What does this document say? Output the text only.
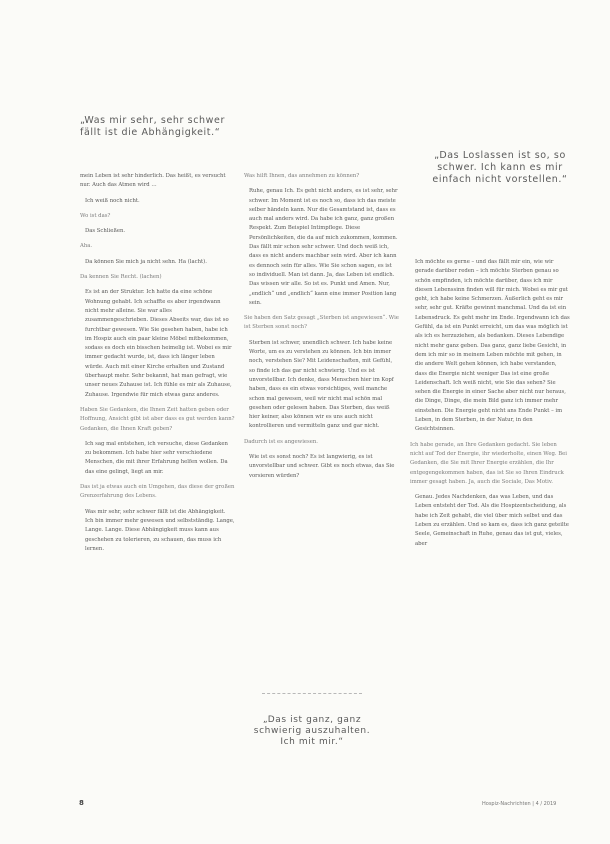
„Was mir sehr, sehr schwer fällt ist die Abhängigkeit.“
„Das Loslassen ist so, so schwer. Ich kann es mir einfach nicht vorstellen.“

mein Leben ist sehr hinderlich. Das heißt, es versucht nur. Auch das Atmen wird …

Ich weiß noch nicht.

Wo ist das?

Das Schließen.

Aha.

Da können Sie mich ja nicht sehn. Ha (lacht).

Da kennen Sie Recht. (lachen)

Es ist an der Struktur. Ich hatte da eine schöne Wohnung gehabt. Ich schaffte es aber irgendwann nicht mehr alleine. Sie war alles zusammengeschrieben. Dieses Abseits war, das ist so furchtbar gewesen. Wie Sie gesehen haben, habe ich im Hospiz auch ein paar kleine Möbel mitbekommen, sodass es doch ein bisschen heimelig ist. Wobei es mir immer gedacht wurde, ist, dass ich länger leben würde. Auch mit einer Kirche erhalten und Zustand überhaupt mehr. Sehr bekannt, hat man gefragt, wie unser neues Zuhause ist. Ich fühle es mir als Zuhause, Zuhause. Irgendwie für mich etwas ganz anderes.

Haben Sie Gedanken, die Ihnen Zeit hatten geben oder Hoffnung, Ansicht gibt ist aber dass es gut werden kann? Gedanken, die Ihnen Kraft geben?

Ich sag mal entstehen, ich versuche, diese Gedanken zu bekommen. Ich habe hier sehr verschiedene Menschen, die mit ihrer Erfahrung helfen wollen. Da das eine gelingt, liegt an mir.

Das ist ja etwas auch ein Umgehen, das diese der großen Grenzerfahrung des Lebens.

Was mir sehr, sehr schwer fällt ist die Abhängigkeit. Ich bin immer mehr gewesen und selbstständig. Lange, Lange. Lange. Diese Abhängigkeit muss kann aus geschehen zu tolerieren, zu schauen, das muss ich lernen.

Was hilft Ihnen, das annehmen zu können?

Ruhe, genau Ich. Es geht nicht anders, es ist sehr, sehr schwer. Im Moment ist es noch so, dass ich das meiste selber händeln kann. Nur die Gesamtstand ist, dass es auch mal anders wird. Da habe ich ganz, ganz großen Respekt. Zum Beispiel Intimpflege. Diese Persönlichkeiten, die da auf mich zukommen, kommen. Das fällt mir schon sehr schwer. Und doch weiß ich, dass es nicht anders machbar sein wird. Aber ich kann es dennoch sein für alles. Wie Sie schon sagen, es ist so individuell. Man ist dann. Ja, das Leben ist endlich. Das wissen wir alle. So ist es. Punkt und Amen. Nur, „endlich“ und „endlich“ kann eine immer Position lang sein.

Sie haben den Satz gesagt „Sterben ist angewiesen“. Wie ist Sterben sonst noch?

Sterben ist schwer, unendlich schwer. Ich habe keine Worte, um es zu verstehen zu können. Ich bin immer noch, verstehen Sie? Mit Leidenschaften, mit Gefühl, so finde ich das gar nicht schwierig. Und es ist unvorstellbar. Ich denke, dass Menschen hier im Kopf haben, dass es ein etwas vorsichtiges, weil manche schon mal gewesen, weil wir nicht mal schön mal gesehen oder gelesen haben. Das Sterben, das weiß hier keiner, also können wir es uns auch nicht kontrollieren und vermitteln ganz und gar nicht.

Dadurch ist es angewiesen.

Wie ist es sonst noch? Es ist langwierig, es ist unvorstellbar und schwer. Gibt es noch etwas, das Sie vorsieren würden?

Ich möchte es gerne – und das fällt mir ein, wie wir gerade darüber reden – ich möchte Sterben genau so schön empfinden, ich möchte darüber, dass ich mir diesen Lebenssinn finden will für mich. Wobei es mir gut geht, ich habe keine Schmerzen. Äußerlich geht es mir sehr, sehr gut. Kräfte gewinnt manchmal. Und da ist ein Lebensdruck. Es geht mehr im Ende. Irgendwann ich das Gefühl, da ist ein Punkt erreicht, um das was möglich ist als ich es herzuziehen, als bedanken. Dieses Lebendige nicht mehr ganz geben. Das ganz, ganz liebe Gesicht, in dem ich mir so in meinem Leben möchte mit gehen, in die andere Welt gehen können, ich habe verstanden, dass die Energie nicht weniger Das ist eine große Leidenschaft. Ich weiß nicht, wie Sie das sehen? Sie sehen die Energie in einer Sache aber nicht nur heraus, die Dinge, Dinge, die mein Bild ganz ich immer mehr einstehen. Die Energie geht nicht ans Ende Punkt – im Leben, in dem Sterben, in der Natur, in den Gesichtsinnen.

Ich habe gerade, an Ihre Gedanken gedacht. Sie leben nicht auf Tod der Energie, ihr wiederholte, einen Weg. Bei Gedanken, die Sie mit Ihrer Energie erzählen, die Ihr entgegengekommen haben, das ist Sie so Ihren Eindruck immer gesagt haben. Ja, auch die Sociale, Das Motiv.

Genau. Jedes Nachdenken, das was Leben, und das Leben entsteht der Tod. Als die Hospizentscheidung, als habe ich Zeit gehabt, die viel über mich selbst und das Leben zu erzählen. Und so kam es, dass ich ganz geteilte Seele, Gemeinschaft in Ruhe, genau das ist gut, vieles, aber

„Das ist ganz, ganz schwierig auszuhalten. Ich mit mir.“
8	Hospiz-Nachrichten | 4 / 2019
